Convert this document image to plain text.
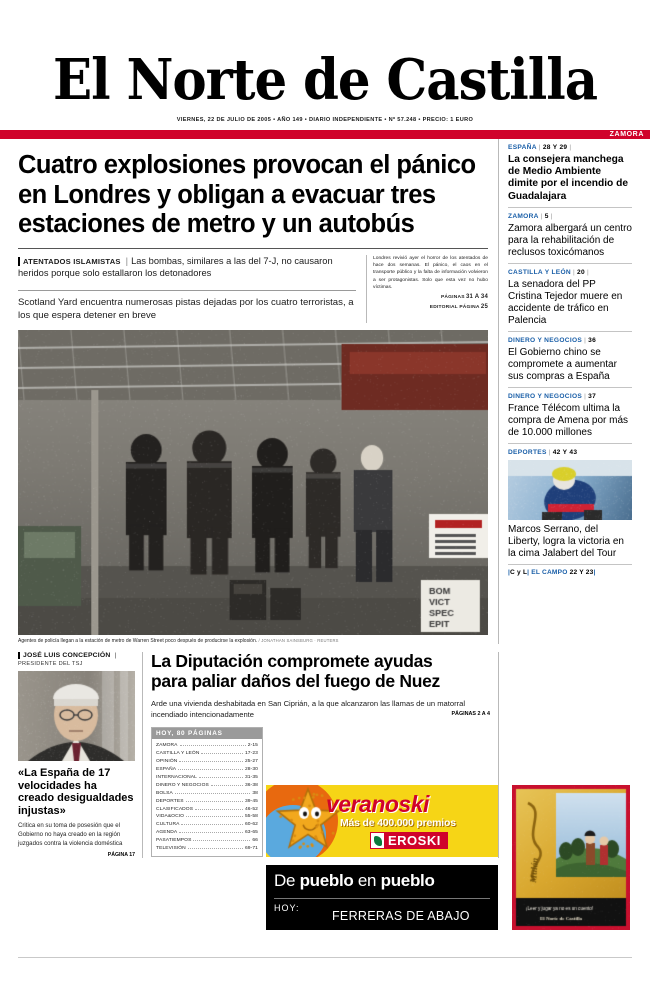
El Norte de Castilla
VIERNES, 22 DE JULIO DE 2005 • AÑO 149 • DIARIO INDEPENDIENTE • Nº 57.248 • PRECIO: 1 EURO
ZAMORA
Cuatro explosiones provocan el pánico
en Londres y obligan a evacuar tres
estaciones de metro y un autobús
ATENTADOS ISLAMISTAS | Las bombas, similares a las del 7-J, no causaron heridos porque solo estallaron los detonadores
Scotland Yard encuentra numerosas pistas dejadas por los cuatro terroristas, a los que espera detener en breve
Londres revivió ayer el horror de los atentados de hace dos semanas. El pánico, el caos en el transporte público y la falta de información volvieron a ser protagonistas. Solo que esta vez no hubo víctimas.
PÁGINAS 31 A 34
EDITORIAL PÁGINA 25
Agentes de policía llegan a la estación de metro de Warren Street poco después de producirse la explosión. / JONATHAN SAINSBURG · REUTERS
ESPAÑA | 28 Y 29 |
La consejera manchega de Medio Ambiente dimite por el incendio de Guadalajara
ZAMORA | 5 |
Zamora albergará un centro para la rehabilitación de reclusos toxicómanos
CASTILLA Y LEÓN | 20 |
La senadora del PP Cristina Tejedor muere en accidente de tráfico en Palencia
DINERO Y NEGOCIOS | 36
El Gobierno chino se compromete a aumentar sus compras a España
DINERO Y NEGOCIOS | 37
France Télécom ultima la compra de Amena por más de 10.000 millones
DEPORTES | 42 Y 43
Marcos Serrano, del Liberty, logra la victoria en la cima Jalabert del Tour
|C y L| EL CAMPO 22 Y 23|
JOSÉ LUIS CONCEPCIÓN |
PRESIDENTE DEL TSJ
«La España de 17 velocidades ha creado desigualdades injustas»
Critica en su toma de posesión que el Gobierno no haya creado en la región juzgados contra la violencia doméstica
PÁGINA 17
La Diputación compromete ayudas
para paliar daños del fuego de Nuez
Arde una vivienda deshabitada en San Ciprián, a la que alcanzaron las llamas de un matorral incendiado intencionadamente	PÁGINAS 2 A 4
HOY, 80 PÁGINAS
ZAMORA	2-15
CASTILLA Y LEÓN	17-23
OPINIÓN	25-27
ESPAÑA	28-30
INTERNACIONAL	31-35
DINERO Y NEGOCIOS	36-38
BOLSA	38
DEPORTES	39-45
CLASIFICADOS	46-52
VIDA&OCIO	55-58
CULTURA	60-62
AGENDA	63-65
PASATIEMPOS	66
TELEVISIÓN	69-71
veranoski
Más de 400.000 premios
EROSKI
De pueblo en pueblo
HOY:
FERRERAS DE ABAJO
